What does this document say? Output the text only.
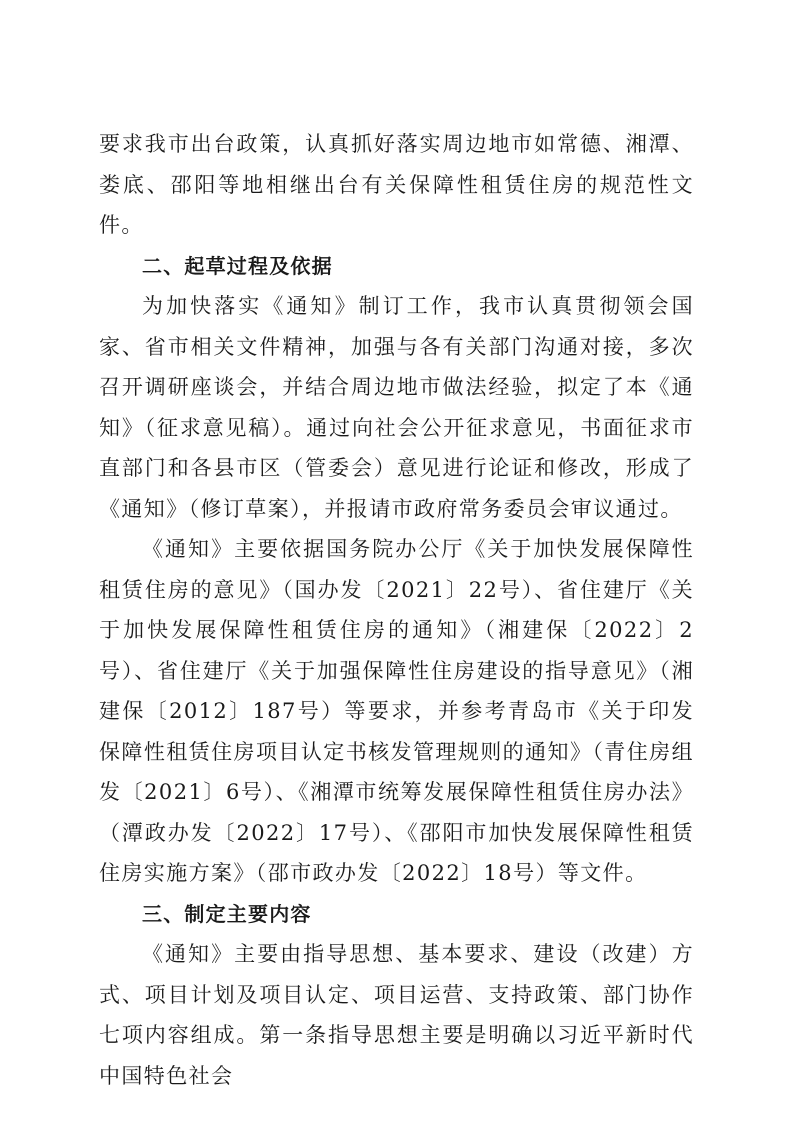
要求我市出台政策，认真抓好落实周边地市如常德、湘潭、娄底、邵阳等地相继出台有关保障性租赁住房的规范性文件。

二、起草过程及依据

为加快落实《通知》制订工作，我市认真贯彻领会国家、省市相关文件精神，加强与各有关部门沟通对接，多次召开调研座谈会，并结合周边地市做法经验，拟定了本《通知》（征求意见稿）。通过向社会公开征求意见，书面征求市直部门和各县市区（管委会）意见进行论证和修改，形成了《通知》（修订草案），并报请市政府常务委员会审议通过。

《通知》主要依据国务院办公厅《关于加快发展保障性租赁住房的意见》（国办发〔2021〕22号）、省住建厅《关于加快发展保障性租赁住房的通知》（湘建保〔2022〕2号）、省住建厅《关于加强保障性住房建设的指导意见》（湘建保〔2012〕187号）等要求，并参考青岛市《关于印发保障性租赁住房项目认定书核发管理规则的通知》（青住房组发〔2021〕6号）、《湘潭市统筹发展保障性租赁住房办法》（潭政办发〔2022〕17号）、《邵阳市加快发展保障性租赁住房实施方案》（邵市政办发〔2022〕18号）等文件。

三、制定主要内容

《通知》主要由指导思想、基本要求、建设（改建）方式、项目计划及项目认定、项目运营、支持政策、部门协作七项内容组成。第一条指导思想主要是明确以习近平新时代中国特色社会
